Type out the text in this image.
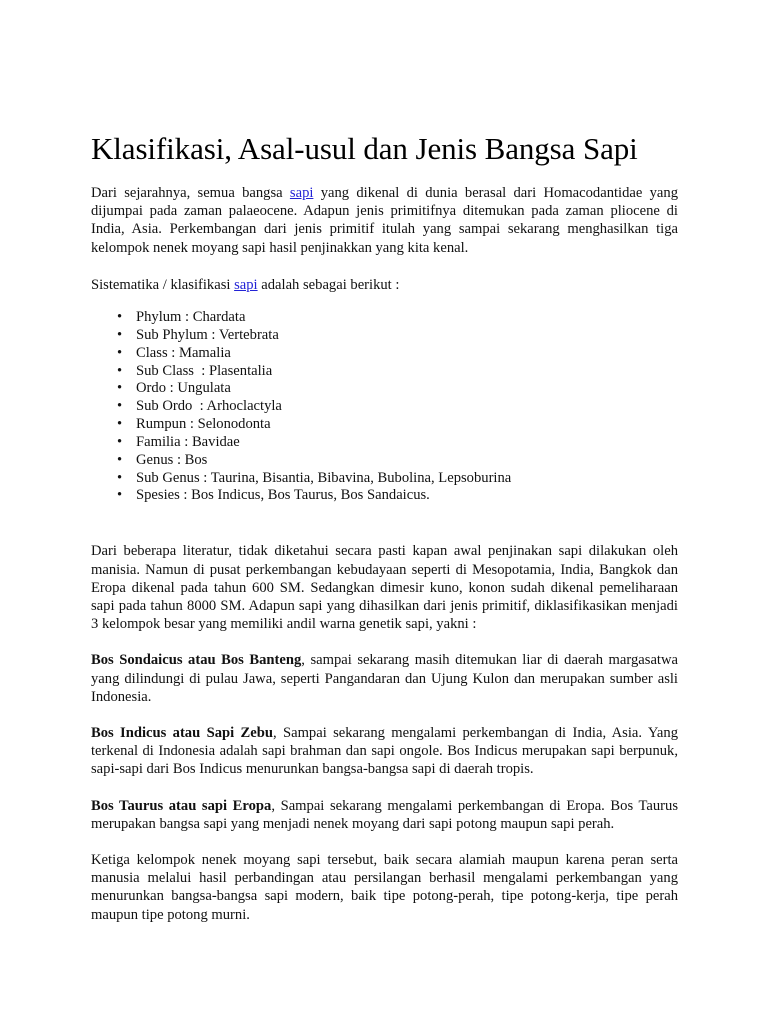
Klasifikasi, Asal-usul dan Jenis Bangsa Sapi

Dari sejarahnya, semua bangsa sapi yang dikenal di dunia berasal dari Homacodantidae yang dijumpai pada zaman palaeocene. Adapun jenis primitifnya ditemukan pada zaman pliocene di India, Asia. Perkembangan dari jenis primitif itulah yang sampai sekarang menghasilkan tiga kelompok nenek moyang sapi hasil penjinakkan yang kita kenal.

Sistematika / klasifikasi sapi adalah sebagai berikut :

• Phylum : Chardata
• Sub Phylum : Vertebrata
• Class : Mamalia
• Sub Class  : Plasentalia
• Ordo : Ungulata
• Sub Ordo  : Arhoclactyla
• Rumpun : Selonodonta
• Familia : Bavidae
• Genus : Bos
• Sub Genus : Taurina, Bisantia, Bibavina, Bubolina, Lepsoburina
• Spesies : Bos Indicus, Bos Taurus, Bos Sandaicus.

Dari beberapa literatur, tidak diketahui secara pasti kapan awal penjinakan sapi dilakukan oleh manisia. Namun di pusat perkembangan kebudayaan seperti di Mesopotamia, India, Bangkok dan Eropa dikenal pada tahun 600 SM. Sedangkan dimesir kuno, konon sudah dikenal pemeliharaan sapi pada tahun 8000 SM. Adapun sapi yang dihasilkan dari jenis primitif, diklasifikasikan menjadi 3 kelompok besar yang memiliki andil warna genetik sapi, yakni :

Bos Sondaicus atau Bos Banteng, sampai sekarang masih ditemukan liar di daerah margasatwa yang dilindungi di pulau Jawa, seperti Pangandaran dan Ujung Kulon dan merupakan sumber asli Indonesia.

Bos Indicus atau Sapi Zebu, Sampai sekarang mengalami perkembangan di India, Asia. Yang terkenal di Indonesia adalah sapi brahman dan sapi ongole. Bos Indicus merupakan sapi berpunuk, sapi-sapi dari Bos Indicus menurunkan bangsa-bangsa sapi di daerah tropis.

Bos Taurus atau sapi Eropa, Sampai sekarang mengalami perkembangan di Eropa. Bos Taurus merupakan bangsa sapi yang menjadi nenek moyang dari sapi potong maupun sapi perah.

Ketiga kelompok nenek moyang sapi tersebut, baik secara alamiah maupun karena peran serta manusia melalui hasil perbandingan atau persilangan berhasil mengalami perkembangan yang menurunkan bangsa-bangsa sapi modern, baik tipe potong-perah, tipe potong-kerja, tipe perah maupun tipe potong murni.
